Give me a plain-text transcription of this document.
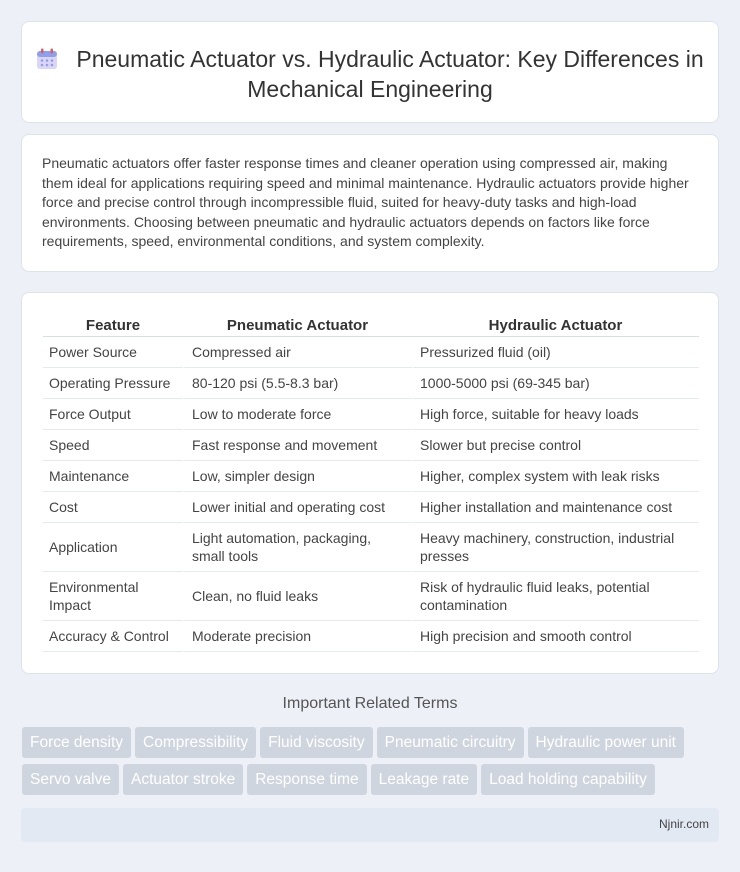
Pneumatic Actuator vs. Hydraulic Actuator: Key Differences in Mechanical Engineering

Pneumatic actuators offer faster response times and cleaner operation using compressed air, making them ideal for applications requiring speed and minimal maintenance. Hydraulic actuators provide higher force and precise control through incompressible fluid, suited for heavy-duty tasks and high-load environments. Choosing between pneumatic and hydraulic actuators depends on factors like force requirements, speed, environmental conditions, and system complexity.

Feature	Pneumatic Actuator	Hydraulic Actuator
Power Source	Compressed air	Pressurized fluid (oil)
Operating Pressure	80-120 psi (5.5-8.3 bar)	1000-5000 psi (69-345 bar)
Force Output	Low to moderate force	High force, suitable for heavy loads
Speed	Fast response and movement	Slower but precise control
Maintenance	Low, simpler design	Higher, complex system with leak risks
Cost	Lower initial and operating cost	Higher installation and maintenance cost
Application	Light automation, packaging, small tools	Heavy machinery, construction, industrial presses
Environmental Impact	Clean, no fluid leaks	Risk of hydraulic fluid leaks, potential contamination
Accuracy & Control	Moderate precision	High precision and smooth control
Important Related Terms
Force density Compressibility Fluid viscosity Pneumatic circuitry Hydraulic power unitServo valve Actuator stroke Response time Leakage rate Load holding capability
Njnir.com
